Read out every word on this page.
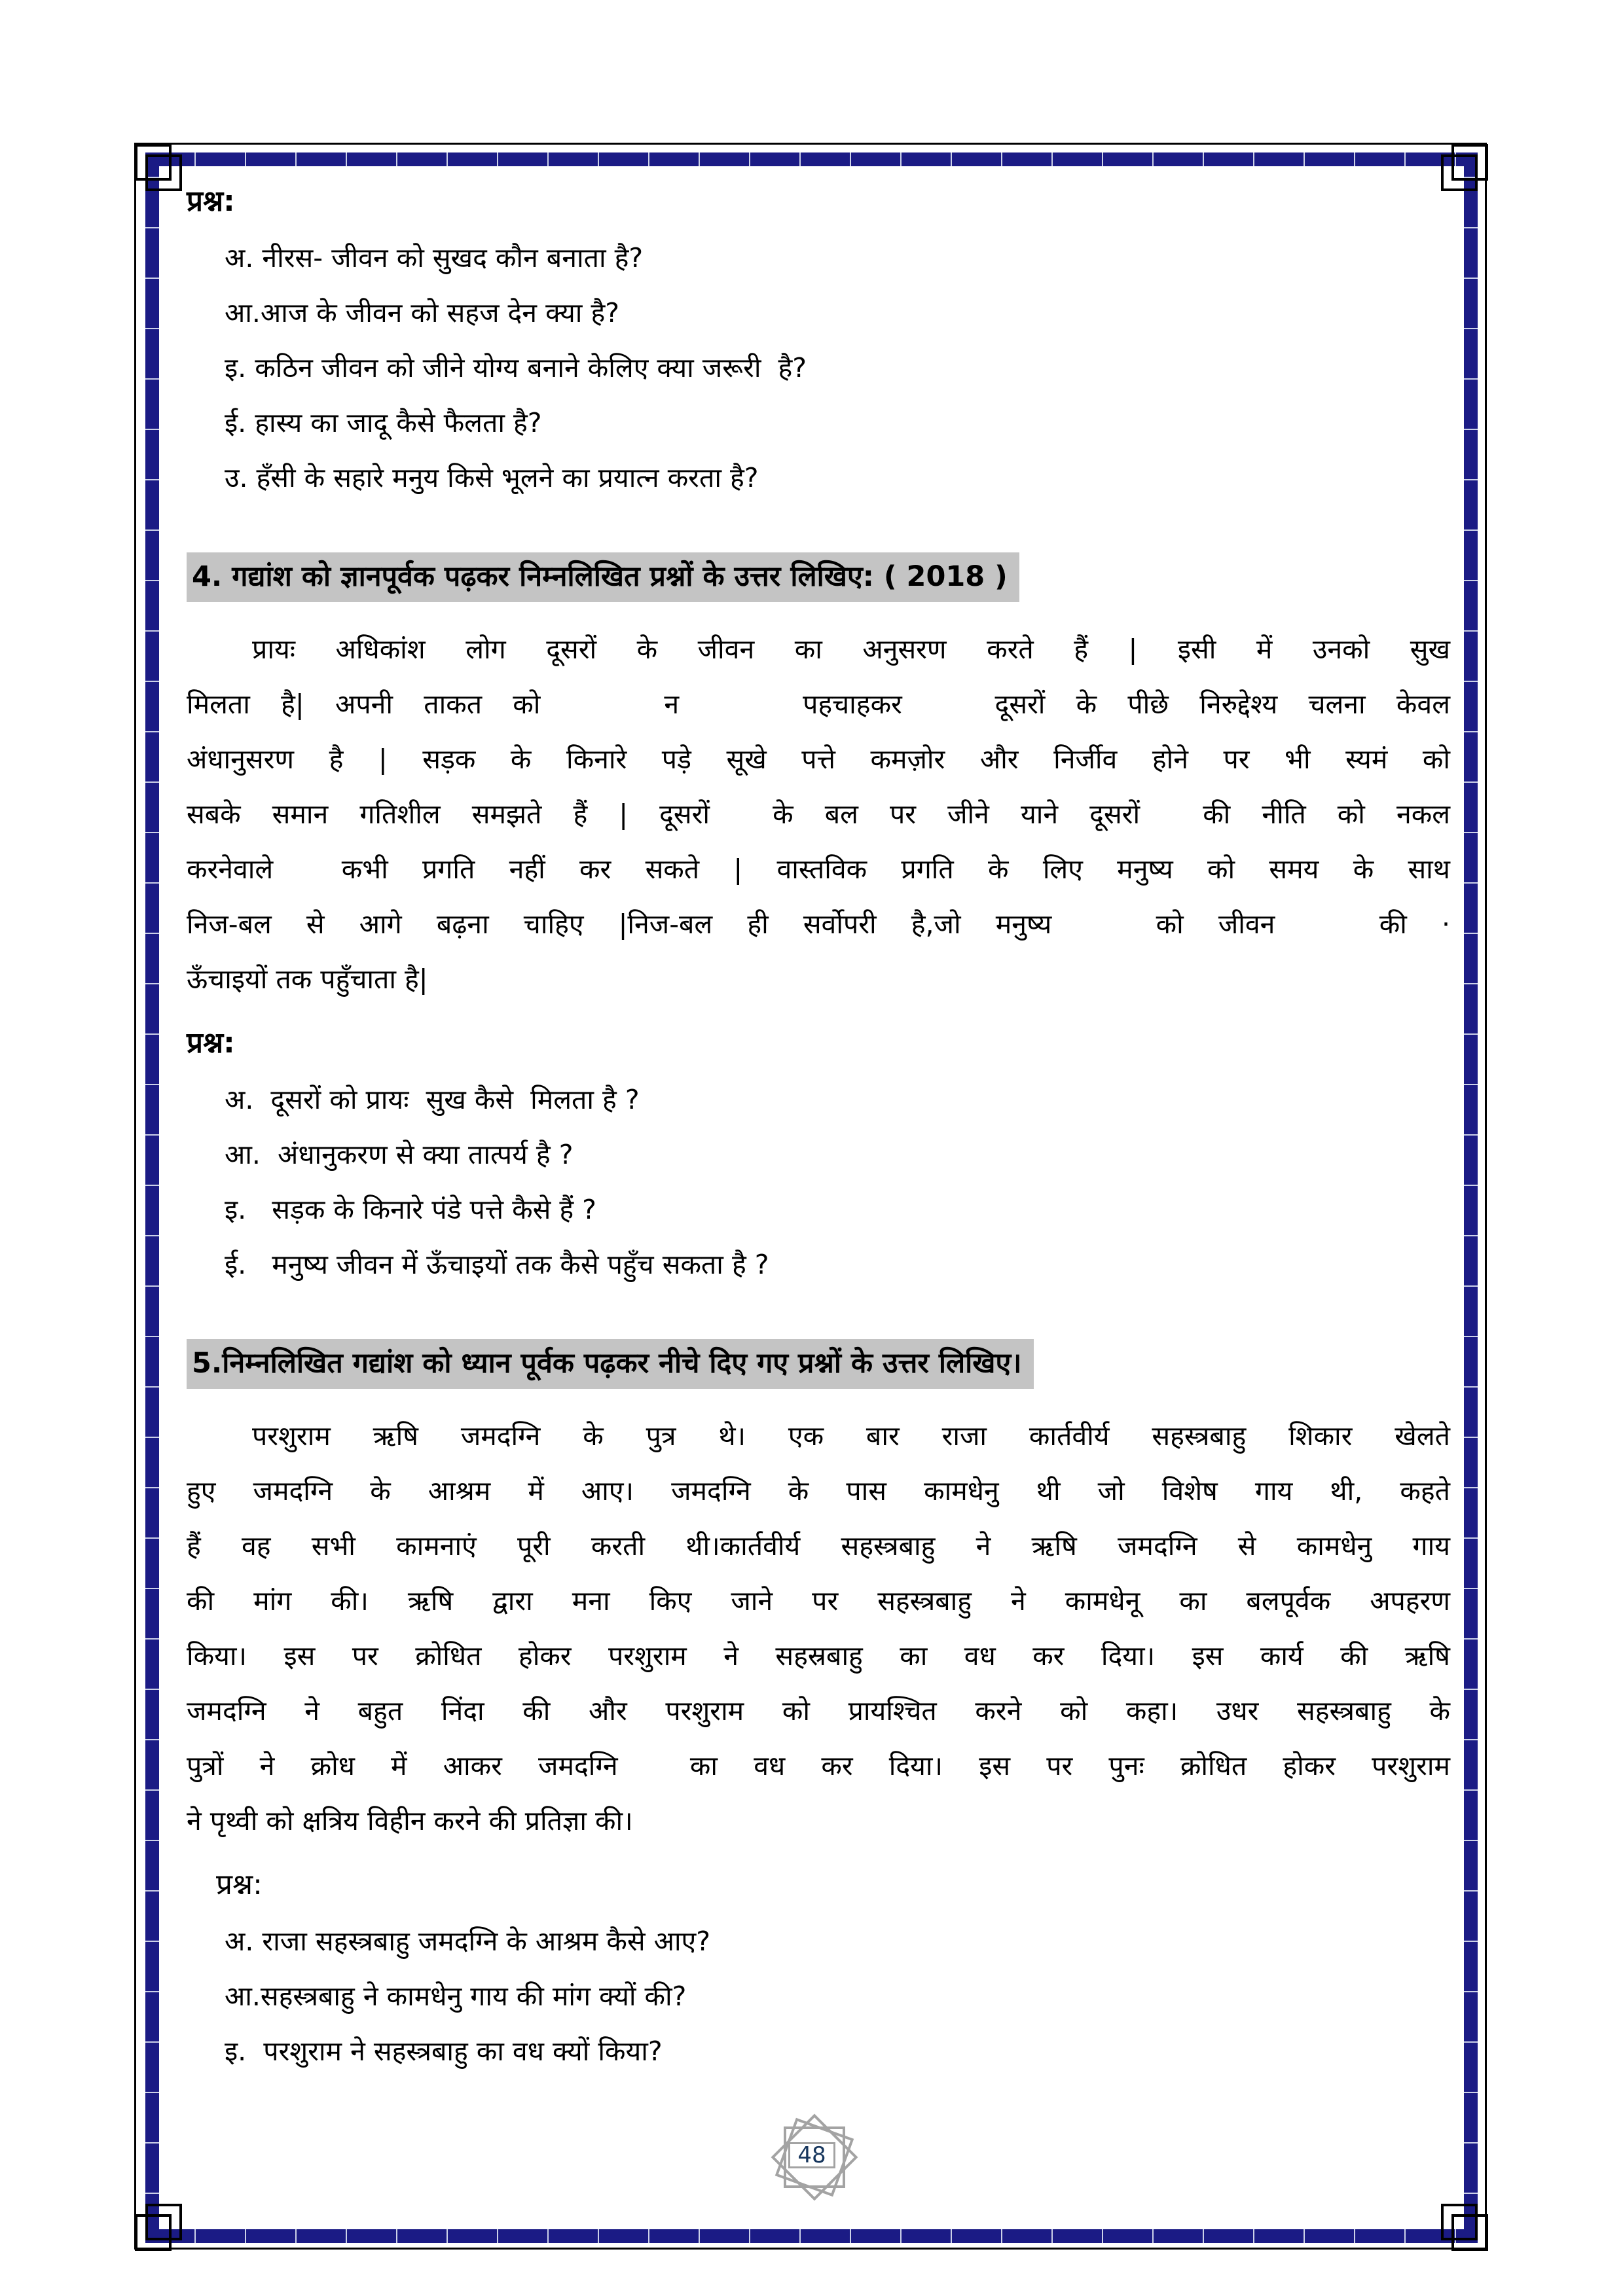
प्रश्न:
अ. नीरस- जीवन को सुखद कौन बनाता है?
आ.आज के जीवन को सहज देन क्या है?
इ. कठिन जीवन को जीने योग्य बनाने केलिए क्या जरूरी  है?
ई. हास्य का जादू कैसे फैलता है?
उ. हँसी के सहारे मनुय किसे भूलने का प्रयात्न करता है?
4. गद्यांश को ज्ञानपूर्वक पढ़कर निम्नलिखित प्रश्नों के उत्तर लिखिए: ( 2018 )
प्रायः अधिकांश लोग दूसरों के जीवन का अनुसरण करते हैं | इसी में उनको सुख
मिलता है| अपनी ताकत को    न    पहचाहकर   दूसरों के पीछे निरुद्देश्य चलना केवल
अंधानुसरण है | सड़क के किनारे पड़े सूखे पत्ते कमज़ोर और निर्जीव होने पर भी स्यमं को
सबके समान गतिशील समझते हैं | दूसरों  के बल पर जीने याने दूसरों  की नीति को नकल
करनेवाले  कभी प्रगति नहीं कर सकते | वास्तविक प्रगति के लिए मनुष्य को समय के साथ
निज-बल से आगे बढ़ना चाहिए |निज-बल ही सर्वोपरी है,जो मनुष्य   को जीवन   की ·
ऊँचाइयों तक पहुँचाता है|
प्रश्न:
अ.  दूसरों को प्रायः  सुख कैसे  मिलता है ?
आ.  अंधानुकरण से क्या तात्पर्य है ?
इ.   सड़क के किनारे पंडे पत्ते कैसे हैं ?
ई.   मनुष्य जीवन में ऊँचाइयों तक कैसे पहुँच सकता है ?
5.निम्नलिखित गद्यांश को ध्यान पूर्वक पढ़कर नीचे दिए गए प्रश्नों के उत्तर लिखिए।
परशुराम ऋषि जमदग्नि के पुत्र थे। एक बार राजा कार्तवीर्य सहस्त्रबाहु शिकार खेलते
हुए जमदग्नि के आश्रम में आए। जमदग्नि के पास कामधेनु थी जो विशेष गाय थी, कहते
हैं वह सभी कामनाएं पूरी करती थी।कार्तवीर्य सहस्त्रबाहु ने ऋषि जमदग्नि से कामधेनु गाय
की मांग की। ऋषि द्वारा मना किए जाने पर सहस्त्रबाहु ने कामधेनू का बलपूर्वक अपहरण
किया। इस पर क्रोधित होकर परशुराम ने सहस्रबाहु का वध कर दिया। इस कार्य की ऋषि
जमदग्नि ने बहुत निंदा की और परशुराम को प्रायश्चित करने को कहा। उधर सहस्त्रबाहु के
पुत्रों ने क्रोध में आकर जमदग्नि  का वध कर दिया। इस पर पुनः क्रोधित होकर परशुराम
ने पृथ्वी को क्षत्रिय विहीन करने की प्रतिज्ञा की।
प्रश्न:
अ. राजा सहस्त्रबाहु जमदग्नि के आश्रम कैसे आए?
आ.सहस्त्रबाहु ने कामधेनु गाय की मांग क्यों की?
इ.  परशुराम ने सहस्त्रबाहु का वध क्यों किया?
48
